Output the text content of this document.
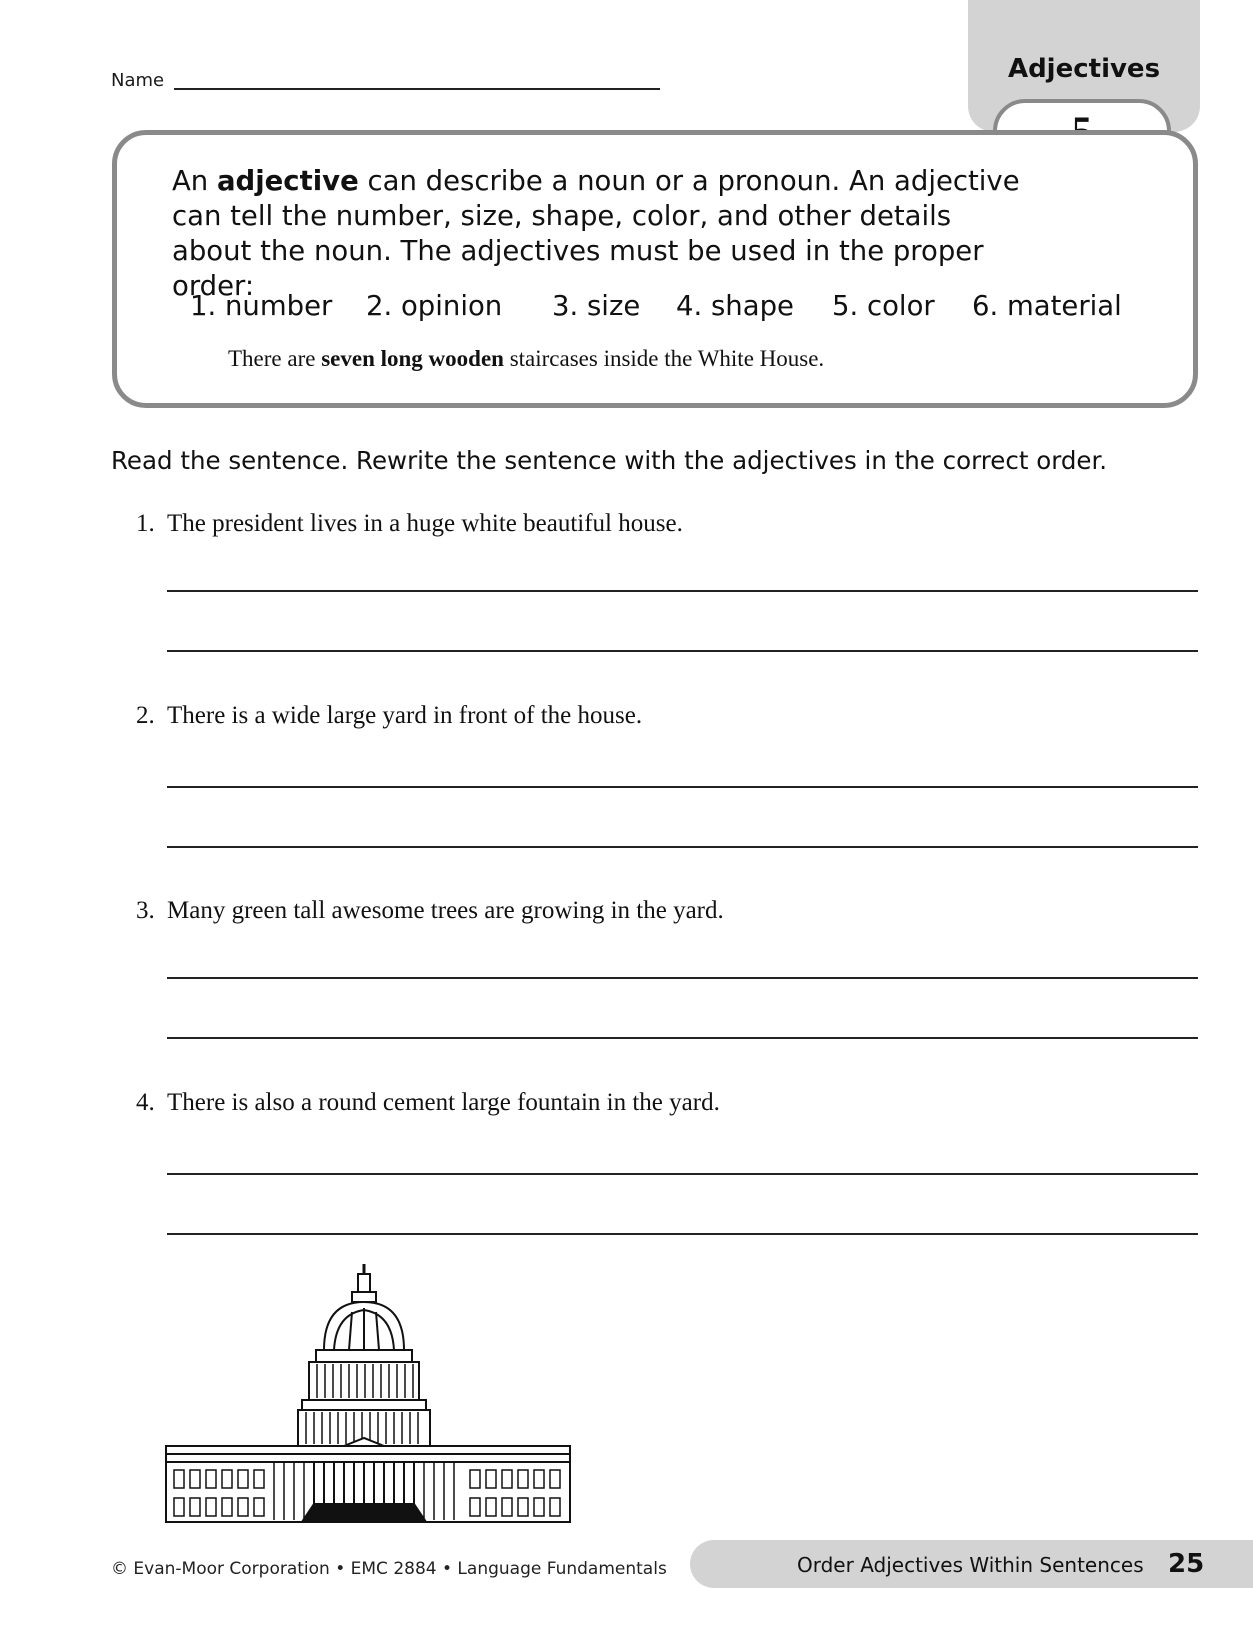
Name	Adjectives
An adjective can describe a noun or a pronoun. An adjective can tell the number, size, shape, color, and other details about the noun. The adjectives must be used in the proper order:
1. number 2. opinion 3. size 4. shape 5. color 6. material
There are seven long wooden staircases inside the White House.
Read the sentence. Rewrite the sentence with the adjectives in the correct order.
1. The president lives in a huge white beautiful house.
2. There is a wide large yard in front of the house.
3. Many green tall awesome trees are growing in the yard.
4. There is also a round cement large fountain in the yard.
© Evan-Moor Corporation • EMC 2884 • Language Fundamentals	Order Adjectives Within Sentences 25
